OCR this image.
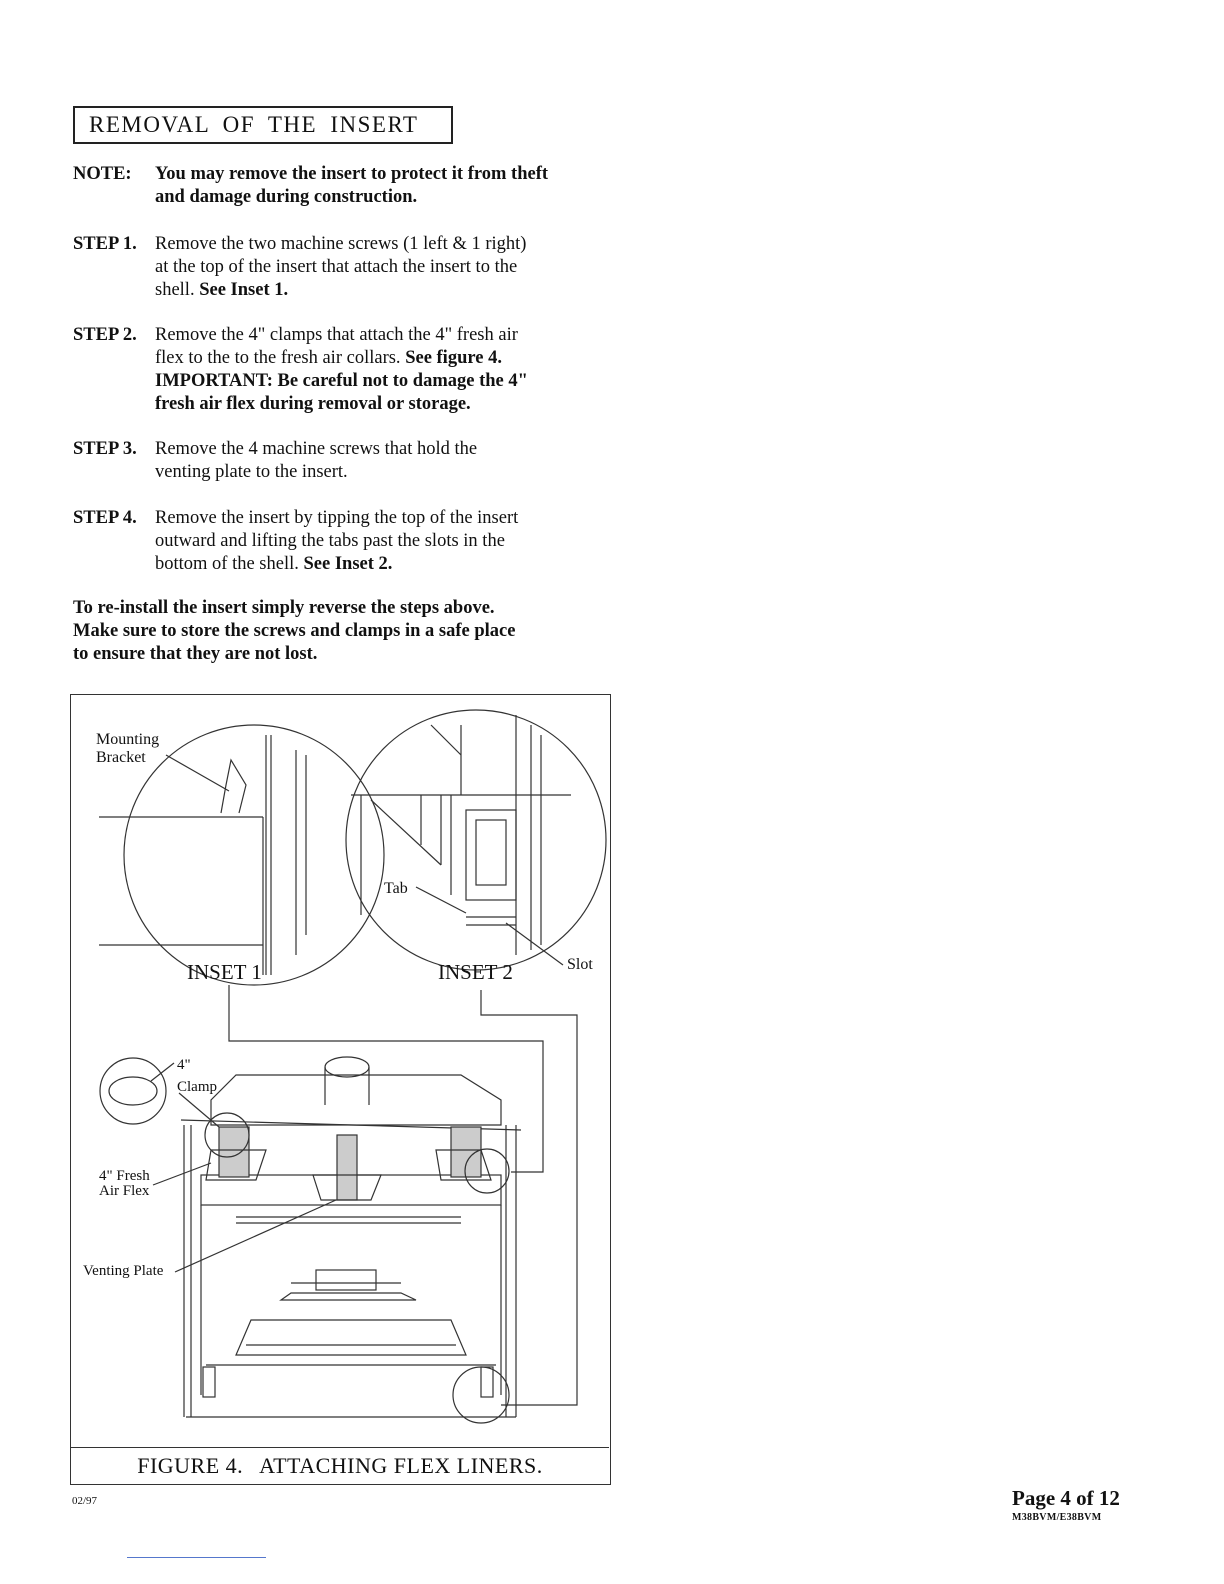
REMOVAL OF THE INSERT
NOTE:	You may remove the insert to protect it from theft
and damage during construction.
STEP 1. Remove the two machine screws (1 left & 1 right)
at the top of the insert that attach the insert to the
shell. See Inset 1.
STEP 2. Remove the 4" clamps that attach the 4" fresh air
flex to the to the fresh air collars. See figure 4.
IMPORTANT: Be careful not to damage the 4"
fresh air flex during removal or storage.
STEP 3. Remove the 4 machine screws that hold the
venting plate to the insert.
STEP 4. Remove the insert by tipping the top of the insert
outward and lifting the tabs past the slots in the
bottom of the shell. See Inset 2.
To re-install the insert simply reverse the steps above.
Make sure to store the screws and clamps in a safe place
to ensure that they are not lost.
Mounting
Bracket
Tab
Slot
INSET 1	INSET 2
4"
Clamp
4" Fresh
Air Flex
Venting Plate
FIGURE 4. ATTACHING FLEX LINERS.
02/97	Page 4 of 12
M38BVM/E38BVM
